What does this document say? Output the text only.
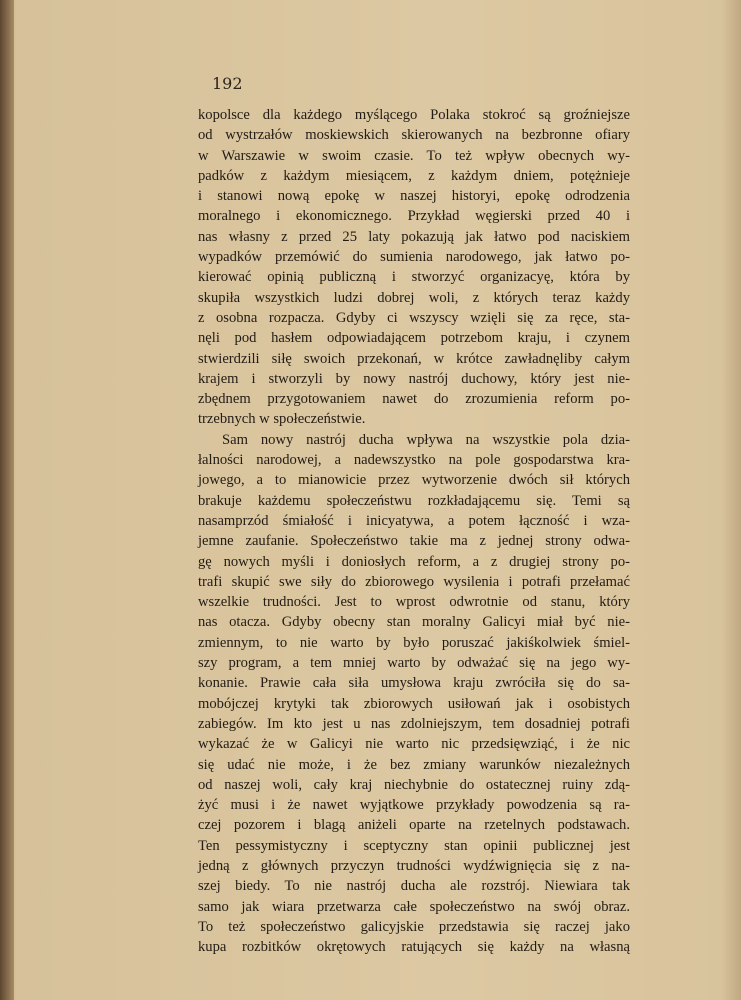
192
kopolsce dla każdego myślącego Polaka stokroć są groźniejsze
od wystrzałów moskiewskich skierowanych na bezbronne ofiary
w Warszawie w swoim czasie. To też wpływ obecnych wy-
padków z każdym miesiącem, z każdym dniem, potężnieje
i stanowi nową epokę w naszej historyi, epokę odrodzenia
moralnego i ekonomicznego. Przykład węgierski przed 40 i
nas własny z przed 25 laty pokazują jak łatwo pod naciskiem
wypadków przemówić do sumienia narodowego, jak łatwo po-
kierować opinią publiczną i stworzyć organizacyę, która by
skupiła wszystkich ludzi dobrej woli, z których teraz każdy
z osobna rozpacza. Gdyby ci wszyscy wzięli się za ręce, sta-
nęli pod hasłem odpowiadającem potrzebom kraju, i czynem
stwierdzili siłę swoich przekonań, w krótce zawładnęliby całym
krajem i stworzyli by nowy nastrój duchowy, który jest nie-
zbędnem przygotowaniem nawet do zrozumienia reform po-
trzebnych w społeczeństwie.
Sam nowy nastrój ducha wpływa na wszystkie pola dzia-
łalności narodowej, a nadewszystko na pole gospodarstwa kra-
jowego, a to mianowicie przez wytworzenie dwóch sił których
brakuje każdemu społeczeństwu rozkładającemu się. Temi są
nasamprzód śmiałość i inicyatywa, a potem łączność i wza-
jemne zaufanie. Społeczeństwo takie ma z jednej strony odwa-
gę nowych myśli i doniosłych reform, a z drugiej strony po-
trafi skupić swe siły do zbiorowego wysilenia i potrafi przełamać
wszelkie trudności. Jest to wprost odwrotnie od stanu, który
nas otacza. Gdyby obecny stan moralny Galicyi miał być nie-
zmiennym, to nie warto by było poruszać jakiśkolwiek śmiel-
szy program, a tem mniej warto by odważać się na jego wy-
konanie. Prawie cała siła umysłowa kraju zwróciła się do sa-
mobójczej krytyki tak zbiorowych usiłowań jak i osobistych
zabiegów. Im kto jest u nas zdolniejszym, tem dosadniej potrafi
wykazać że w Galicyi nie warto nic przedsięwziąć, i że nic
się udać nie może, i że bez zmiany warunków niezależnych
od naszej woli, cały kraj niechybnie do ostatecznej ruiny zdą-
żyć musi i że nawet wyjątkowe przykłady powodzenia są ra-
czej pozorem i blagą aniżeli oparte na rzetelnych podstawach.
Ten pessymistyczny i sceptyczny stan opinii publicznej jest
jedną z głównych przyczyn trudności wydźwignięcia się z na-
szej biedy. To nie nastrój ducha ale rozstrój. Niewiara tak
samo jak wiara przetwarza całe społeczeństwo na swój obraz.
To też społeczeństwo galicyjskie przedstawia się raczej jako
kupa rozbitków okrętowych ratujących się każdy na własną
